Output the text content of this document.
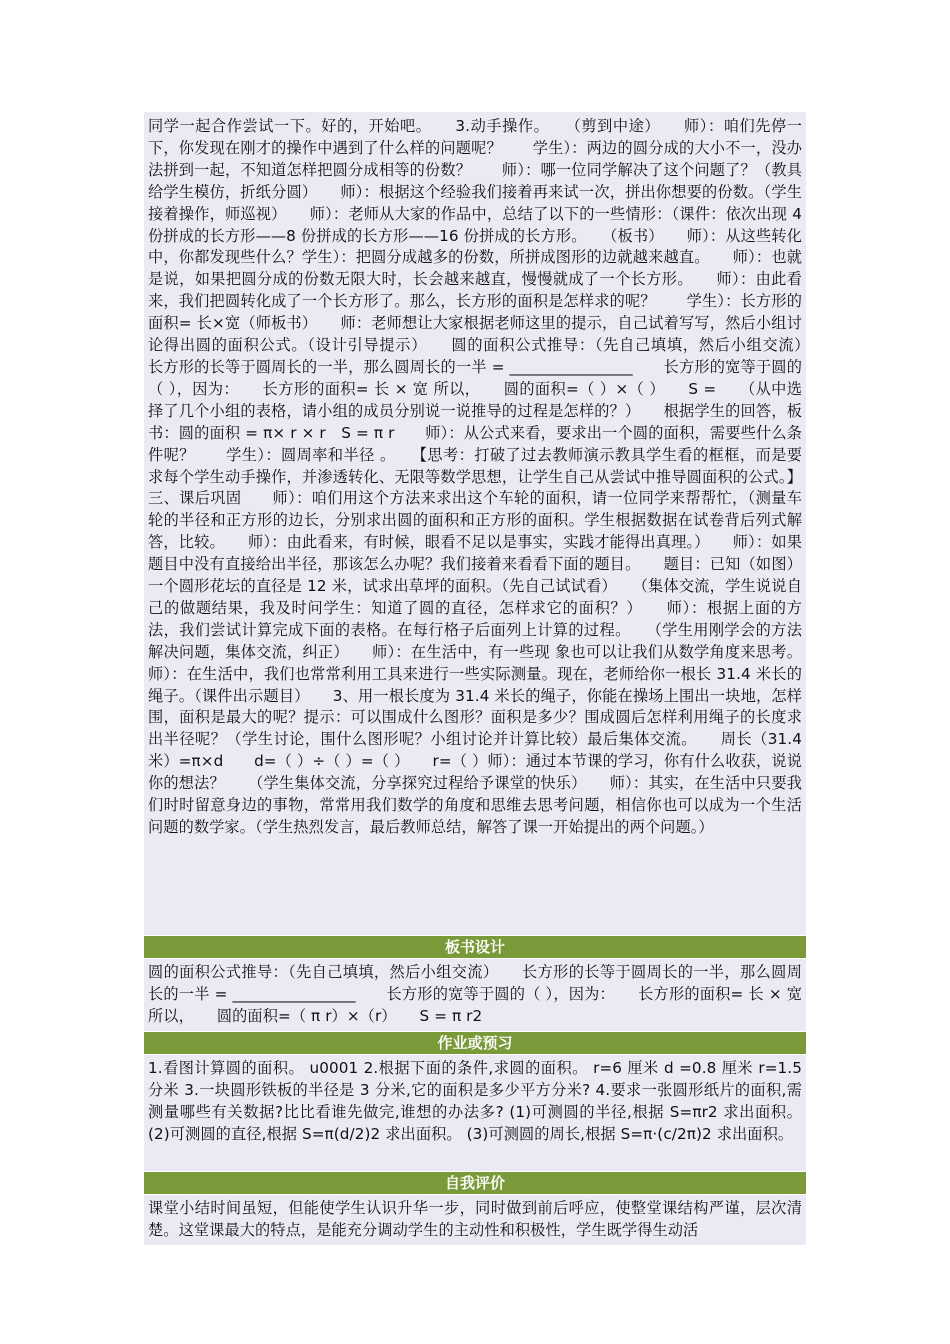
同学一起合作尝试一下。好的，开始吧。　　3.动手操作。　　（剪到中途）　　师）：咱们先停一下，你发现在刚才的操作中遇到了什么样的问题呢？　　学生）：两边的圆分成的大小不一，没办法拼到一起，不知道怎样把圆分成相等的份数？　　师）：哪一位同学解决了这个问题了？（教具给学生模仿，折纸分圆）　　师）：根据这个经验我们接着再来试一次，拼出你想要的份数。（学生接着操作，师巡视）　　师）：老师从大家的作品中，总结了以下的一些情形：（课件：依次出现 4 份拼成的长方形——8 份拼成的长方形——16 份拼成的长方形。　　（板书）　　师）：从这些转化中，你都发现些什么？学生）：把圆分成越多的份数，所拼成图形的边就越来越直。　　师）：也就是说，如果把圆分成的份数无限大时，长会越来越直，慢慢就成了一个长方形。　　师）：由此看来，我们把圆转化成了一个长方形了。那么，长方形的面积是怎样求的呢？　　学生）：长方形的面积= 长×宽（师板书）　　师：老师想让大家根据老师这里的提示，自己试着写写，然后小组讨论得出圆的面积公式。（设计引导提示）　　圆的面积公式推导：（先自己填填，然后小组交流）　　长方形的长等于圆周长的一半，那么圆周长的一半 = ________________　　长方形的宽等于圆的（ ），因为：　　长方形的面积= 长 × 宽 所以，　　圆的面积=（ ）×（ ）　　S =　　（从中选择了几个小组的表格，请小组的成员分别说一说推导的过程是怎样的？）　　根据学生的回答，板书：圆的面积 = π× r × r　S = π r　　师）：从公式来看，要求出一个圆的面积，需要些什么条件呢？　　学生）：圆周率和半径 。　　【思考：打破了过去教师演示教具学生看的框框，而是要求每个学生动手操作，并渗透转化、无限等数学思想，让学生自己从尝试中推导圆面积的公式。】三、课后巩固　　师）：咱们用这个方法来求出这个车轮的面积，请一位同学来帮帮忙，（测量车轮的半径和正方形的边长，分别求出圆的面积和正方形的面积。学生根据数据在试卷背后列式解答，比较。　　师）：由此看来，有时候，眼看不足以是事实，实践才能得出真理。）　　师）：如果题目中没有直接给出半径，那该怎么办呢？我们接着来看看下面的题目。　　题目：已知（如图）一个圆形花坛的直径是 12 米，试求出草坪的面积。（先自己试试看）　　（集体交流，学生说说自己的做题结果，我及时问学生：知道了圆的直径，怎样求它的面积？）　　师）：根据上面的方法，我们尝试计算完成下面的表格。在每行格子后面列上计算的过程。　　（学生用刚学会的方法解决问题，集体交流，纠正）　　师）：在生活中，有一些现 象也可以让我们从数学角度来思考。师）：在生活中，我们也常常利用工具来进行一些实际测量。现在，老师给你一根长 31.4 米长的绳子。（课件出示题目）　　3、用一根长度为 31.4 米长的绳子，你能在操场上围出一块地，怎样围，面积是最大的呢？提示：可以围成什么图形？面积是多少？围成圆后怎样利用绳子的长度求出半径呢？（学生讨论，围什么图形呢？小组讨论并计算比较）最后集体交流。　　周长（31.4 米）=π×d　　d=（ ）÷（ ）=（ ）　　r=（ ）师）：通过本节课的学习，你有什么收获，说说你的想法？　　（学生集体交流，分享探究过程给予课堂的快乐）　　师）：其实，在生活中只要我们时时留意身边的事物，常常用我们数学的角度和思维去思考问题，相信你也可以成为一个生活问题的数学家。（学生热烈发言，最后教师总结，解答了课一开始提出的两个问题。）

板书设计

圆的面积公式推导：（先自己填填，然后小组交流）　　长方形的长等于圆周长的一半，那么圆周长的一半 = ________________　　长方形的宽等于圆的（ ），因为：　　长方形的面积= 长 × 宽 所以，　　圆的面积=（ π r）×（r）　　S = π r2

作业或预习

1.看图计算圆的面积。 u0001 2.根据下面的条件,求圆的面积。 r=6 厘米 d =0.8 厘米 r=1.5 分米 3.一块圆形铁板的半径是 3 分米,它的面积是多少平方分米? 4.要求一张圆形纸片的面积,需测量哪些有关数据?比比看谁先做完,谁想的办法多? (1)可测圆的半径,根据 S=πr2 求出面积。 (2)可测圆的直径,根据 S=π(d/2)2 求出面积。 (3)可测圆的周长,根据 S=π·(c/2π)2 求出面积。

自我评价

课堂小结时间虽短，但能使学生认识升华一步，同时做到前后呼应，使整堂课结构严谨，层次清楚。这堂课最大的特点，是能充分调动学生的主动性和积极性，学生既学得生动活
